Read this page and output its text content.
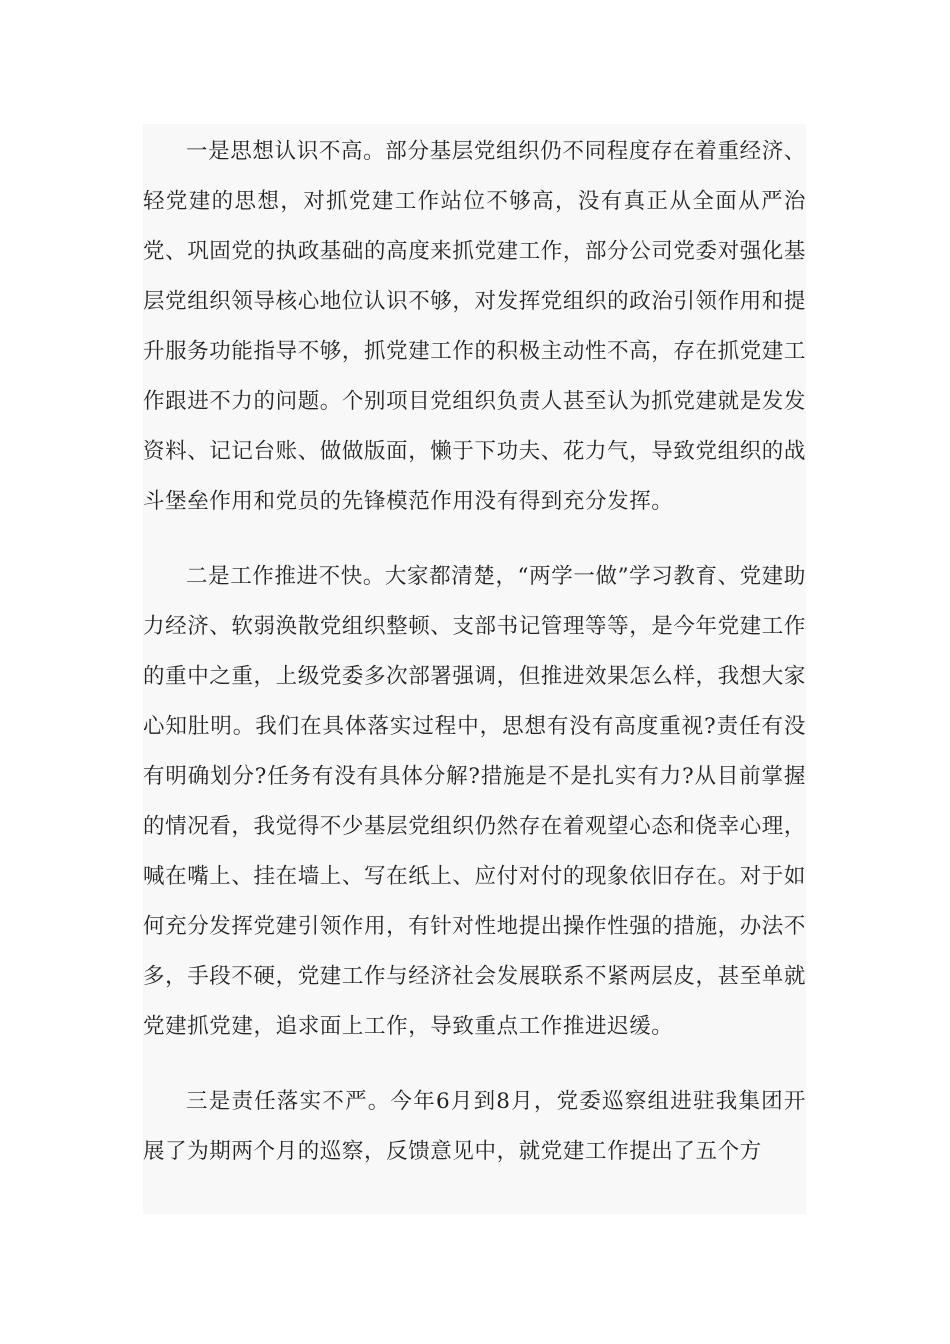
一是思想认识不高。部分基层党组织仍不同程度存在着重经济、轻党建的思想，对抓党建工作站位不够高，没有真正从全面从严治党、巩固党的执政基础的高度来抓党建工作，部分公司党委对强化基层党组织领导核心地位认识不够，对发挥党组织的政治引领作用和提升服务功能指导不够，抓党建工作的积极主动性不高，存在抓党建工作跟进不力的问题。个别项目党组织负责人甚至认为抓党建就是发发资料、记记台账、做做版面，懒于下功夫、花力气，导致党组织的战斗堡垒作用和党员的先锋模范作用没有得到充分发挥。

二是工作推进不快。大家都清楚，“两学一做”学习教育、党建助力经济、软弱涣散党组织整顿、支部书记管理等等，是今年党建工作的重中之重，上级党委多次部署强调，但推进效果怎么样，我想大家心知肚明。我们在具体落实过程中，思想有没有高度重视?责任有没有明确划分?任务有没有具体分解?措施是不是扎实有力?从目前掌握的情况看，我觉得不少基层党组织仍然存在着观望心态和侥幸心理，喊在嘴上、挂在墙上、写在纸上、应付对付的现象依旧存在。对于如何充分发挥党建引领作用，有针对性地提出操作性强的措施，办法不多，手段不硬，党建工作与经济社会发展联系不紧两层皮，甚至单就党建抓党建，追求面上工作，导致重点工作推进迟缓。

三是责任落实不严。今年6月到8月，党委巡察组进驻我集团开展了为期两个月的巡察，反馈意见中，就党建工作提出了五个方
